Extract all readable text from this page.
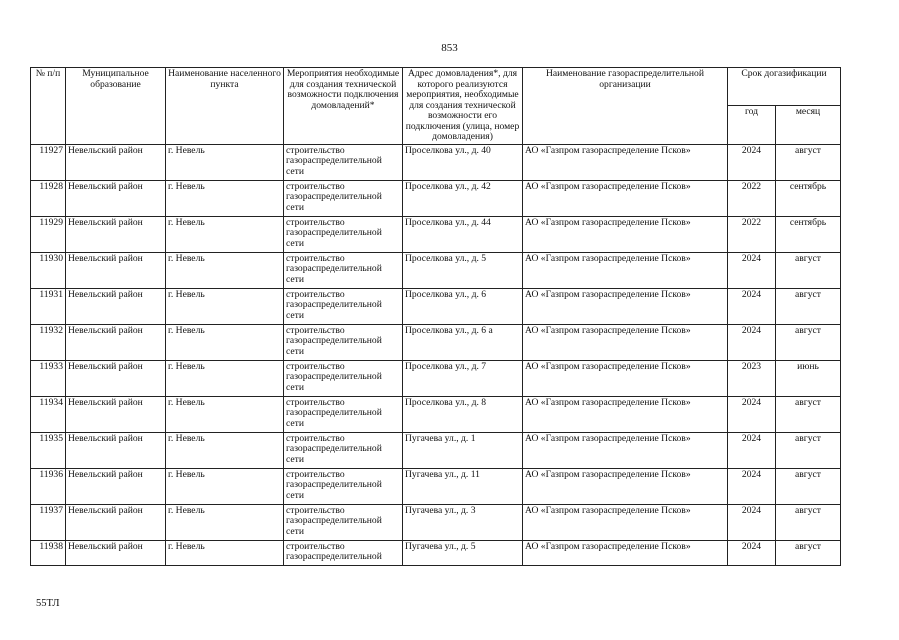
853
№ п/п	Муниципальное образование	Наименование населенного пункта	Мероприятия необходимые для создания технической возможности подключения домовладений*	Адрес домовладения*, для которого реализуются мероприятия, необходимые для создания технической возможности его подключения (улица, номер домовладения)	Наименование газораспределительной организации	Срок догазификации	
						год	месяц
11927	Невельский район	г. Невель	строительство газораспределительной сети	Проселкова ул., д. 40	АО «Газпром газораспределение Псков»	2024	август
11928	Невельский район	г. Невель	строительство газораспределительной сети	Проселкова ул., д. 42	АО «Газпром газораспределение Псков»	2022	сентябрь
11929	Невельский район	г. Невель	строительство газораспределительной сети	Проселкова ул., д. 44	АО «Газпром газораспределение Псков»	2022	сентябрь
11930	Невельский район	г. Невель	строительство газораспределительной сети	Проселкова ул., д. 5	АО «Газпром газораспределение Псков»	2024	август
11931	Невельский район	г. Невель	строительство газораспределительной сети	Проселкова ул., д. 6	АО «Газпром газораспределение Псков»	2024	август
11932	Невельский район	г. Невель	строительство газораспределительной сети	Проселкова ул., д. 6 а	АО «Газпром газораспределение Псков»	2024	август
11933	Невельский район	г. Невель	строительство газораспределительной сети	Проселкова ул., д. 7	АО «Газпром газораспределение Псков»	2023	июнь
11934	Невельский район	г. Невель	строительство газораспределительной сети	Проселкова ул., д. 8	АО «Газпром газораспределение Псков»	2024	август
11935	Невельский район	г. Невель	строительство газораспределительной сети	Пугачева ул., д. 1	АО «Газпром газораспределение Псков»	2024	август
11936	Невельский район	г. Невель	строительство газораспределительной сети	Пугачева ул., д. 11	АО «Газпром газораспределение Псков»	2024	август
11937	Невельский район	г. Невель	строительство газораспределительной сети	Пугачева ул., д. 3	АО «Газпром газораспределение Псков»	2024	август
11938	Невельский район	г. Невель	строительство газораспределительной	Пугачева ул., д. 5	АО «Газпром газораспределение Псков»	2024	август
55ТЛ
